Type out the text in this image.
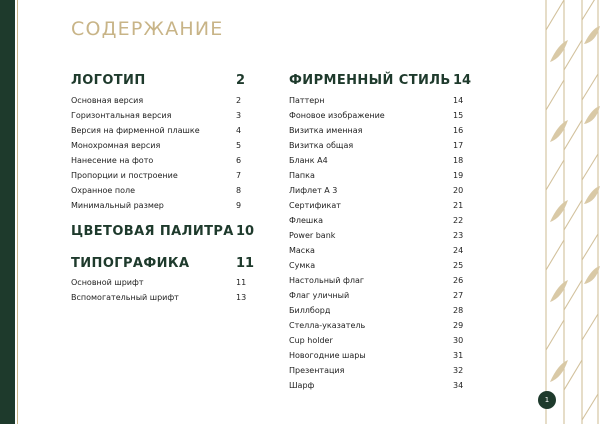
СОДЕРЖАНИЕ
ЛОГОТИП	2
Основная версия	2
Горизонтальная версия	3
Версия на фирменной плашке	4
Монохромная версия	5
Нанесение на фото	6
Пропорции и построение	7
Охранное поле	8
Минимальный размер	9
ЦВЕТОВАЯ ПАЛИТРА 10
ТИПОГРАФИКА	11
Основной шрифт	11
Вспомогательный шрифт	13
ФИРМЕННЫЙ СТИЛЬ 14
Паттерн	14
Фоновое изображение	15
Визитка именная	16
Визитка общая	17
Бланк А4	18
Папка	19
Лифлет А 3	20
Сертификат	21
Флешка	22
Power bank	23
Маска	24
Сумка	25
Настольный флаг	26
Флаг уличный	27
Биллборд	28
Стелла-указатель	29
Cup holder	30
Новогодние шары	31
Презентация	32
Шарф	34
1
